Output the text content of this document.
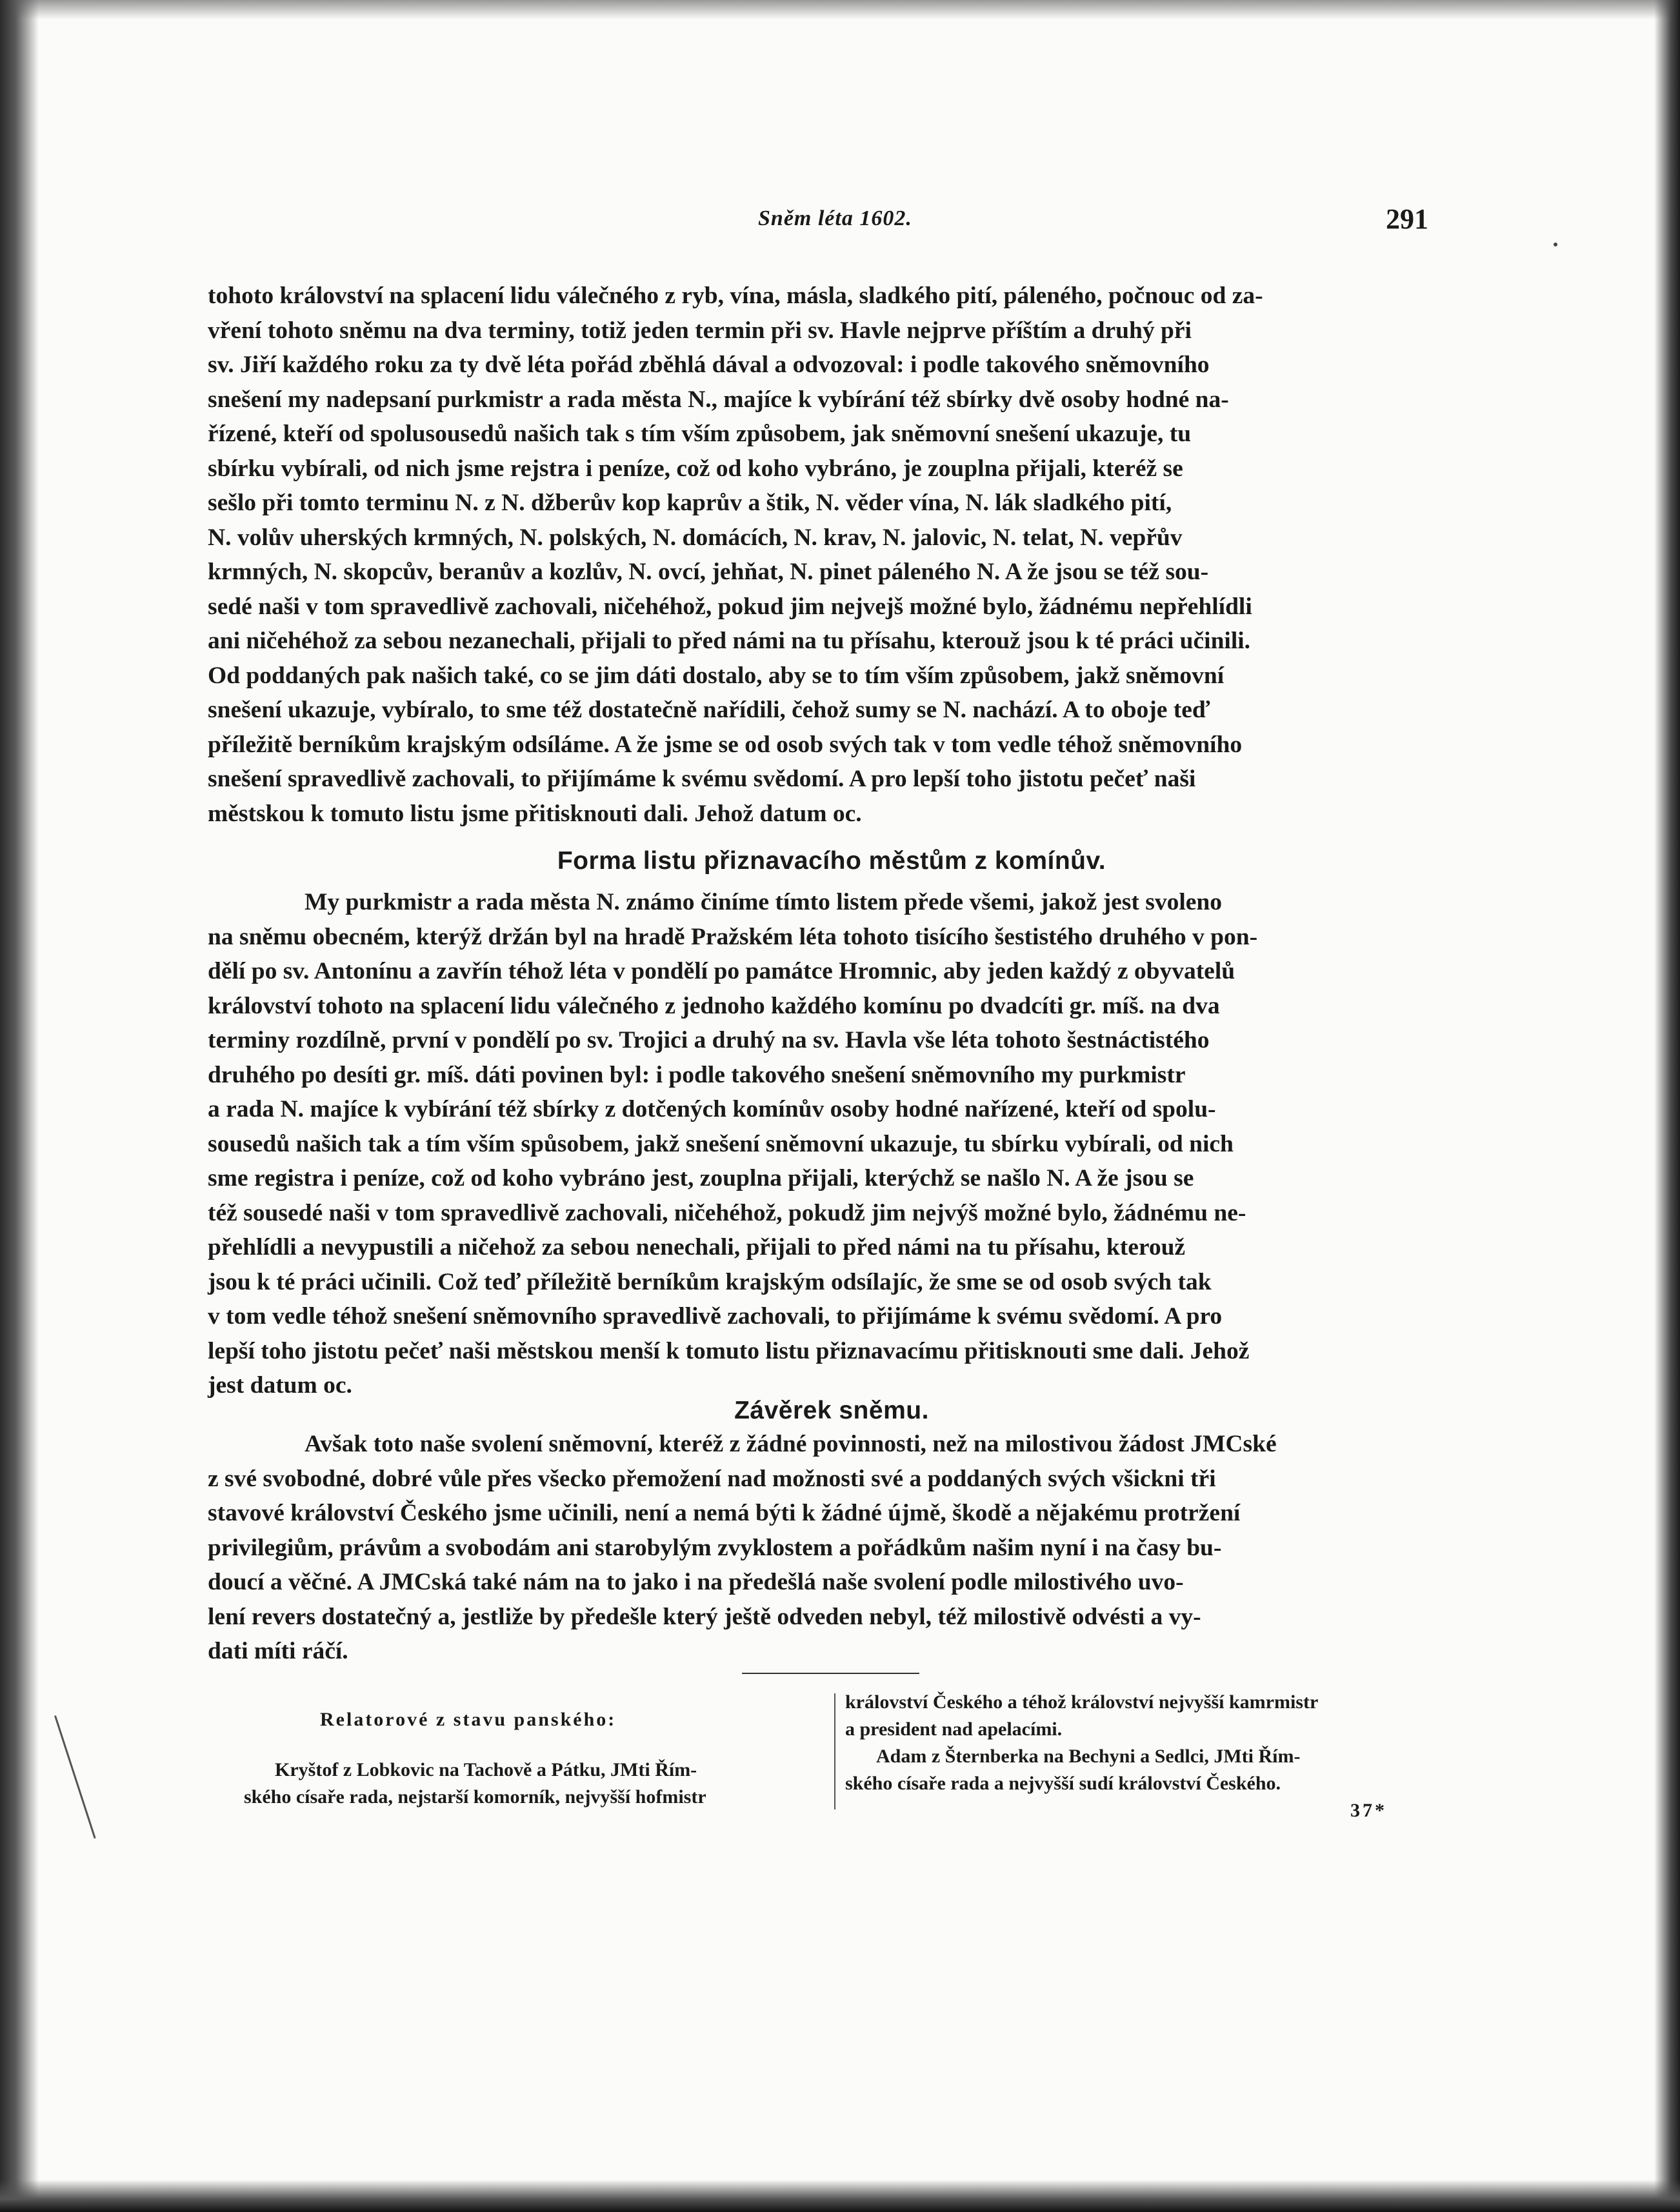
Sněm léta 1602.	291

tohoto království na splacení lidu válečného z ryb, vína, másla, sladkého pití, páleného, počnouc od za-

vření tohoto sněmu na dva terminy, totiž jeden termin při sv. Havle nejprve příštím a druhý při

sv. Jiří každého roku za ty dvě léta pořád zběhlá dával a odvozoval: i podle takového sněmovního

snešení my nadepsaní purkmistr a rada města N., majíce k vybírání též sbírky dvě osoby hodné na-

řízené, kteří od spolusousedů našich tak s tím vším způsobem, jak sněmovní snešení ukazuje, tu

sbírku vybírali, od nich jsme rejstra i peníze, což od koho vybráno, je zouplna přijali, kteréž se

sešlo při tomto terminu N. z N. džberův kop kaprův a štik, N. věder vína, N. lák sladkého pití,

N. volův uherských krmných, N. polských, N. domácích, N. krav, N. jalovic, N. telat, N. vepřův

krmných, N. skopcův, beranův a kozlův, N. ovcí, jehňat, N. pinet páleného N. A že jsou se též sou-

sedé naši v tom spravedlivě zachovali, ničehéhož, pokud jim nejvejš možné bylo, žádnému nepřehlídli

ani ničehéhož za sebou nezanechali, přijali to před námi na tu přísahu, kterouž jsou k té práci učinili.

Od poddaných pak našich také, co se jim dáti dostalo, aby se to tím vším způsobem, jakž sněmovní

snešení ukazuje, vybíralo, to sme též dostatečně nařídili, čehož sumy se N. nachází. A to oboje teď

příležitě berníkům krajským odsíláme. A že jsme se od osob svých tak v tom vedle téhož sněmovního

snešení spravedlivě zachovali, to přijímáme k svému svědomí. A pro lepší toho jistotu pečeť naši

městskou k tomuto listu jsme přitisknouti dali. Jehož datum oc.

Forma listu přiznavacího městům z komínův.

My purkmistr a rada města N. známo činíme tímto listem přede všemi, jakož jest svoleno

na sněmu obecném, kterýž držán byl na hradě Pražském léta tohoto tisícího šestistého druhého v pon-

dělí po sv. Antonínu a zavřín téhož léta v pondělí po památce Hromnic, aby jeden každý z obyvatelů

království tohoto na splacení lidu válečného z jednoho každého komínu po dvadcíti gr. míš. na dva

terminy rozdílně, první v pondělí po sv. Trojici a druhý na sv. Havla vše léta tohoto šestnáctistého

druhého po desíti gr. míš. dáti povinen byl: i podle takového snešení sněmovního my purkmistr

a rada N. majíce k vybírání též sbírky z dotčených komínův osoby hodné nařízené, kteří od spolu-

sousedů našich tak a tím vším spůsobem, jakž snešení sněmovní ukazuje, tu sbírku vybírali, od nich

sme registra i peníze, což od koho vybráno jest, zouplna přijali, kterýchž se našlo N. A že jsou se

též sousedé naši v tom spravedlivě zachovali, ničehéhož, pokudž jim nejvýš možné bylo, žádnému ne-

přehlídli a nevypustili a ničehož za sebou nenechali, přijali to před námi na tu přísahu, kterouž

jsou k té práci učinili. Což teď příležitě berníkům krajským odsílajíc, že sme se od osob svých tak

v tom vedle téhož snešení sněmovního spravedlivě zachovali, to přijímáme k svému svědomí. A pro

lepší toho jistotu pečeť naši městskou menší k tomuto listu přiznavacímu přitisknouti sme dali. Jehož

jest datum oc.

Závěrek sněmu.

Avšak toto naše svolení sněmovní, kteréž z žádné povinnosti, než na milostivou žádost JMCské

z své svobodné, dobré vůle přes všecko přemožení nad možnosti své a poddaných svých všickni tři

stavové království Českého jsme učinili, není a nemá býti k žádné újmě, škodě a nějakému protržení

privilegiům, právům a svobodám ani starobylým zvyklostem a pořádkům našim nyní i na časy bu-

doucí a věčné. A JMCská také nám na to jako i na předešlá naše svolení podle milostivého uvo-

lení revers dostatečný a, jestliže by předešle který ještě odveden nebyl, též milostivě odvésti a vy-

dati míti ráčí.

Relatorové z stavu panského:

Kryštof z Lobkovic na Tachově a Pátku, JMti Řím-

ského císaře rada, nejstarší komorník, nejvyšší hofmistr

království Českého a téhož království nejvyšší kamrmistr

a president nad apelacími.

Adam z Šternberka na Bechyni a Sedlci, JMti Řím-

ského císaře rada a nejvyšší sudí království Českého.

37*
